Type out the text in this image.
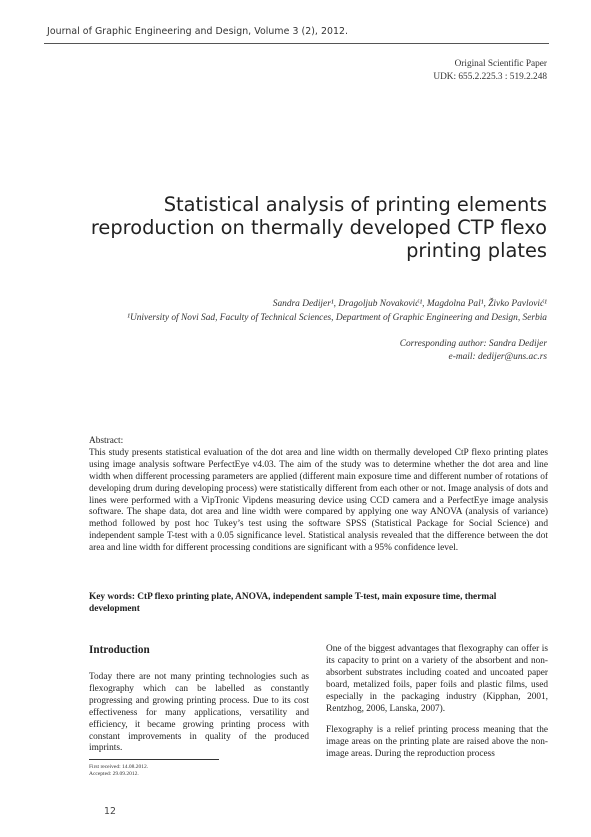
Journal of Graphic Engineering and Design, Volume 3 (2), 2012.
Original Scientific Paper
UDK: 655.2.225.3 : 519.2.248
Statistical analysis of printing elements reproduction on thermally developed CTP flexo printing plates
Sandra Dedijer¹, Dragoljub Novaković¹, Magdolna Pal¹, Živko Pavlović¹
¹University of Novi Sad, Faculty of Technical Sciences, Department of Graphic Engineering and Design, Serbia
Corresponding author: Sandra Dedijer
e-mail: dedijer@uns.ac.rs
Abstract:
This study presents statistical evaluation of the dot area and line width on thermally developed CtP flexo printing plates using image analysis software PerfectEye v4.03. The aim of the study was to determine whether the dot area and line width when different processing parameters are applied (different main exposure time and different number of rotations of developing drum during developing process) were statistically different from each other or not. Image analysis of dots and lines were performed with a VipTronic Vipdens measuring device using CCD camera and a PerfectEye image analysis software. The shape data, dot area and line width were compared by applying one way ANOVA (analysis of variance) method followed by post hoc Tukey’s test using the software SPSS (Statistical Package for Social Science) and independent sample T-test with a 0.05 significance level. Statistical analysis revealed that the difference between the dot area and line width for different processing conditions are significant with a 95% confidence level.
Key words: CtP flexo printing plate, ANOVA, independent sample T-test, main exposure time, thermal development
Introduction

Today there are not many printing technologies such as flexography which can be labelled as constantly progressing and growing printing process. Due to its cost effectiveness for many applications, versatility and efficiency, it became growing printing process with constant improvements in quality of the produced imprints.

One of the biggest advantages that flexography can offer is its capacity to print on a variety of the absorbent and non-absorbent substrates including coated and uncoated paper board, metalized foils, paper foils and plastic films, used especially in the packaging industry (Kipphan, 2001, Rentzhog, 2006, Lanska, 2007).

Flexography is a relief printing process meaning that the image areas on the printing plate are raised above the non-image areas. During the reproduction process

First received: 14.08.2012.
Accepted: 29.09.2012.
12
